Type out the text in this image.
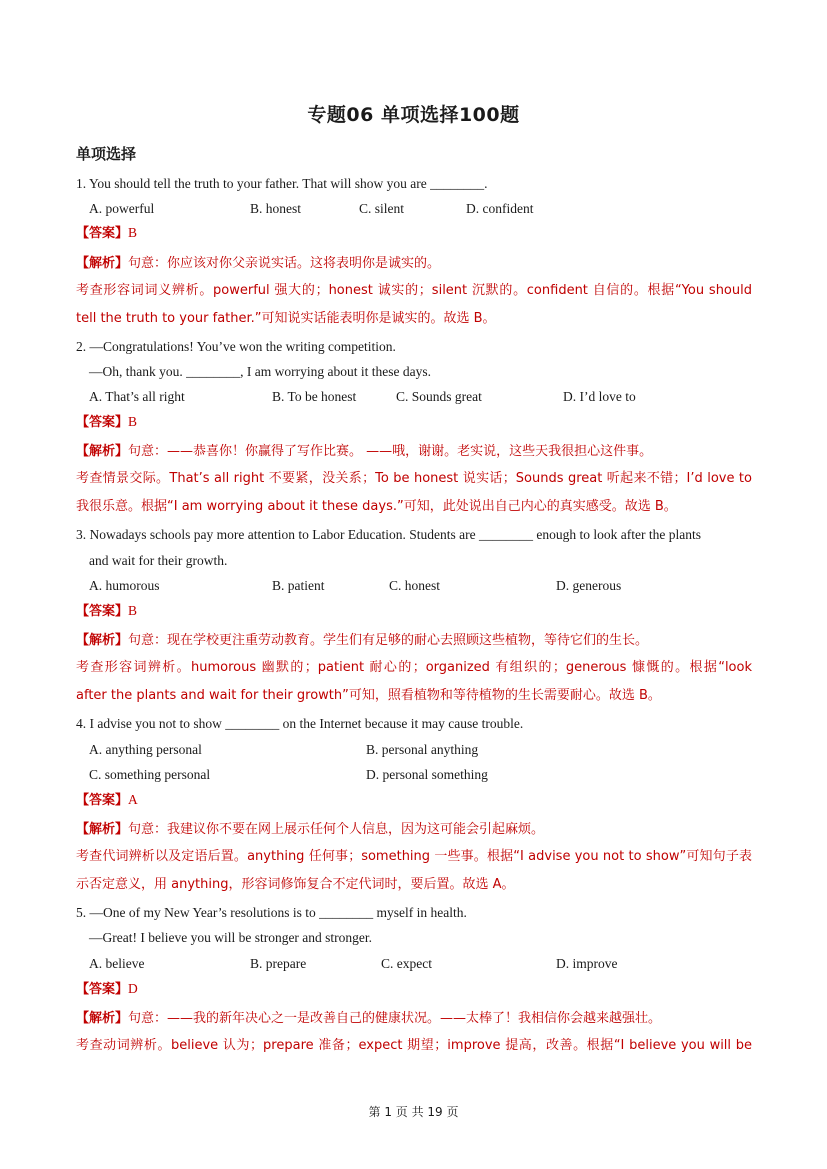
专题06 单项选择100题
单项选择
1. You should tell the truth to your father. That will show you are ________.
A. powerful	B. honest	C. silent	D. confident
【答案】B
【解析】句意：你应该对你父亲说实话。这将表明你是诚实的。
考查形容词词义辨析。powerful 强大的；honest 诚实的；silent 沉默的。confident 自信的。根据“You should
tell the truth to your father.”可知说实话能表明你是诚实的。故选 B。
2. —Congratulations! You’ve won the writing competition.
—Oh, thank you. ________, I am worrying about it these days.
A. That’s all right	B. To be honest	C. Sounds great	D. I’d love to
【答案】B
【解析】句意：——恭喜你！你赢得了写作比赛。 ——哦，谢谢。老实说，这些天我很担心这件事。
考查情景交际。That’s all right 不要紧，没关系；To be honest 说实话；Sounds great 听起来不错；I’d love to
我很乐意。根据“I am worrying about it these days.”可知，此处说出自己内心的真实感受。故选 B。
3. Nowadays schools pay more attention to Labor Education. Students are ________ enough to look after the plants
and wait for their growth.
A. humorous	B. patient	C. honest	D. generous
【答案】B
【解析】句意：现在学校更注重劳动教育。学生们有足够的耐心去照顾这些植物，等待它们的生长。
考查形容词辨析。humorous 幽默的；patient 耐心的；organized 有组织的；generous 慷慨的。根据“look
after the plants and wait for their growth”可知，照看植物和等待植物的生长需要耐心。故选 B。
4. I advise you not to show ________ on the Internet because it may cause trouble.
A. anything personal	B. personal anything
C. something personal	D. personal something
【答案】A
【解析】句意：我建议你不要在网上展示任何个人信息，因为这可能会引起麻烦。
考查代词辨析以及定语后置。anything 任何事；something 一些事。根据“I advise you not to show”可知句子表
示否定意义，用 anything，形容词修饰复合不定代词时，要后置。故选 A。
5. —One of my New Year’s resolutions is to ________ myself in health.
—Great! I believe you will be stronger and stronger.
A. believe	B. prepare	C. expect	D. improve
【答案】D
【解析】句意：——我的新年决心之一是改善自己的健康状况。——太棒了！我相信你会越来越强壮。
考查动词辨析。believe 认为；prepare 准备；expect 期望；improve 提高，改善。根据“I believe you will be
第 1 页 共 19 页
